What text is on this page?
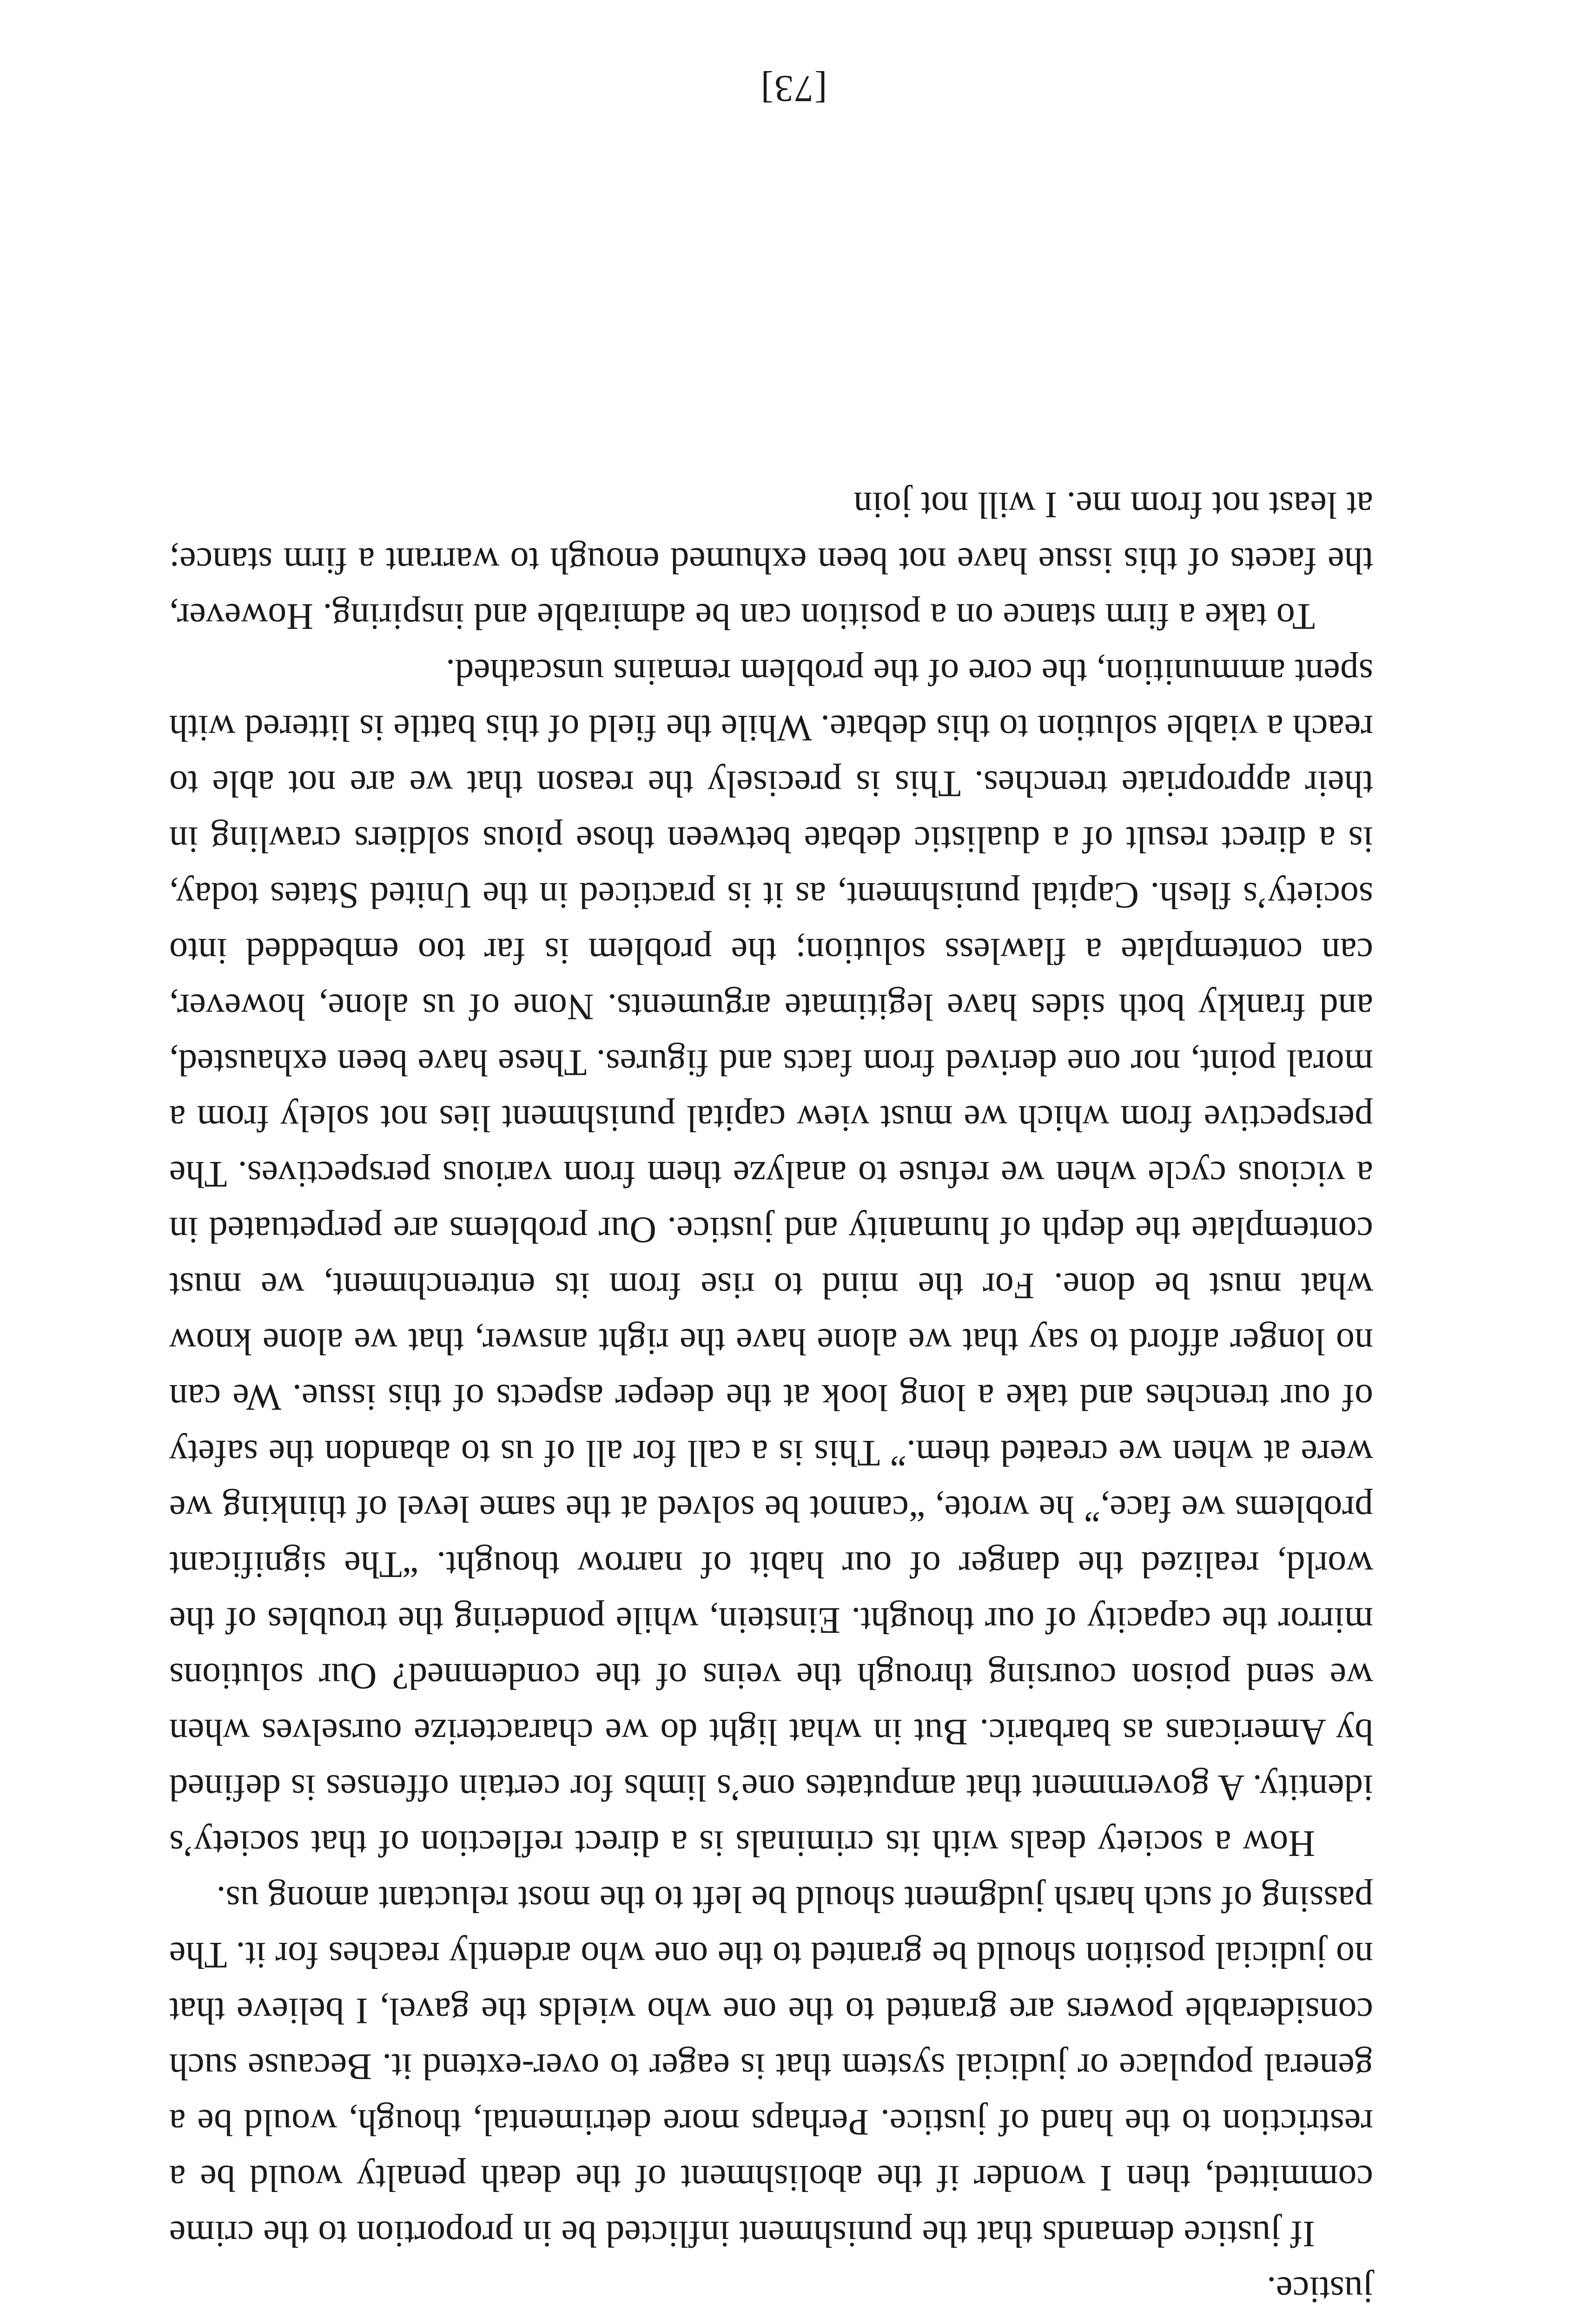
justice.

If justice demands that the punishment inflicted be in proportion to the crime committed, then I wonder if the abolishment of the death penalty would be a restriction to the hand of justice. Perhaps more detrimental, though, would be a general populace or judicial system that is eager to over-extend it. Because such considerable powers are granted to the one who wields the gavel, I believe that no judicial position should be granted to the one who ardently reaches for it. The passing of such harsh judgment should be left to the most reluctant among us.

How a society deals with its criminals is a direct reflection of that society’s identity. A government that amputates one’s limbs for certain offenses is defined by Americans as barbaric. But in what light do we characterize ourselves when we send poison coursing through the veins of the condemned? Our solutions mirror the capacity of our thought. Einstein, while pondering the troubles of the world, realized the danger of our habit of narrow thought. “The significant problems we face,” he wrote, “cannot be solved at the same level of thinking we were at when we created them.” This is a call for all of us to abandon the safety of our trenches and take a long look at the deeper aspects of this issue. We can no longer afford to say that we alone have the right answer, that we alone know what must be done. For the mind to rise from its entrenchment, we must contemplate the depth of humanity and justice. Our problems are perpetuated in a vicious cycle when we refuse to analyze them from various perspectives. The perspective from which we must view capital punishment lies not solely from a moral point, nor one derived from facts and figures. These have been exhausted, and frankly both sides have legitimate arguments. None of us alone, however, can contemplate a flawless solution; the problem is far too embedded into society’s flesh. Capital punishment, as it is practiced in the United States today, is a direct result of a dualistic debate between those pious soldiers crawling in their appropriate trenches. This is precisely the reason that we are not able to reach a viable solution to this debate. While the field of this battle is littered with spent ammunition, the core of the problem remains unscathed.

To take a firm stance on a position can be admirable and inspiring. However, the facets of this issue have not been exhumed enough to warrant a firm stance; at least not from me. I will not join

[73]
